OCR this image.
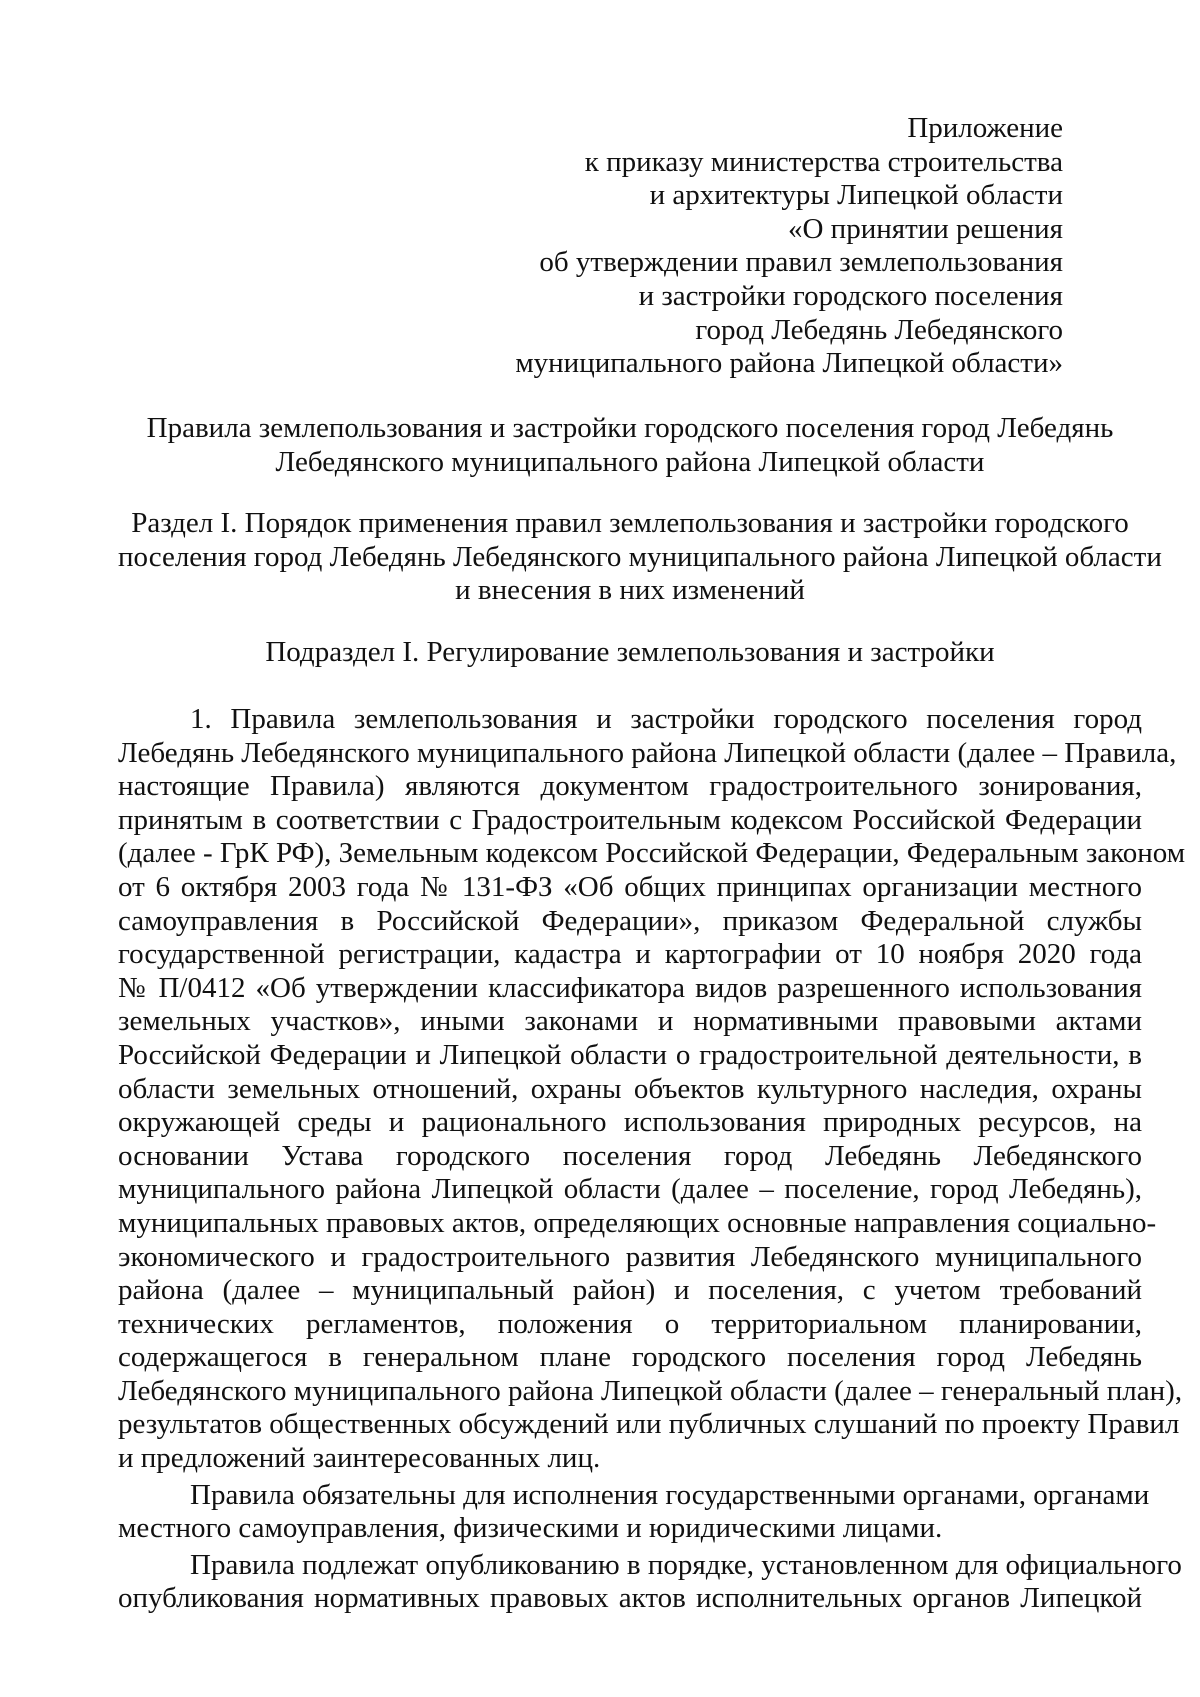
Приложение
к приказу министерства строительства
и архитектуры Липецкой области
«О принятии решения
об утверждении правил землепользования
и застройки городского поселения
город Лебедянь Лебедянского
муниципального района Липецкой области»
Правила землепользования и застройки городского поселения город Лебедянь
Лебедянского муниципального района Липецкой области
Раздел I. Порядок применения правил землепользования и застройки городского
поселения город Лебедянь Лебедянского муниципального района Липецкой области
и внесения в них изменений
Подраздел I. Регулирование землепользования и застройки
1. Правила землепользования и застройки городского поселения город
Лебедянь Лебедянского муниципального района Липецкой области (далее – Правила,
настоящие Правила) являются документом градостроительного зонирования,
принятым в соответствии с Градостроительным кодексом Российской Федерации
(далее - ГрК РФ), Земельным кодексом Российской Федерации, Федеральным законом
от 6 октября 2003 года № 131-ФЗ «Об общих принципах организации местного
самоуправления в Российской Федерации», приказом Федеральной службы
государственной регистрации, кадастра и картографии от 10 ноября 2020 года
№ П/0412 «Об утверждении классификатора видов разрешенного использования
земельных участков», иными законами и нормативными правовыми актами
Российской Федерации и Липецкой области о градостроительной деятельности, в
области земельных отношений, охраны объектов культурного наследия, охраны
окружающей среды и рационального использования природных ресурсов, на
основании Устава городского поселения город Лебедянь Лебедянского
муниципального района Липецкой области (далее – поселение, город Лебедянь),
муниципальных правовых актов, определяющих основные направления социально-
экономического и градостроительного развития Лебедянского муниципального
района (далее – муниципальный район) и поселения, с учетом требований
технических регламентов, положения о территориальном планировании,
содержащегося в генеральном плане городского поселения город Лебедянь
Лебедянского муниципального района Липецкой области (далее – генеральный план),
результатов общественных обсуждений или публичных слушаний по проекту Правил
и предложений заинтересованных лиц.
Правила обязательны для исполнения государственными органами, органами
местного самоуправления, физическими и юридическими лицами.
Правила подлежат опубликованию в порядке, установленном для официального
опубликования нормативных правовых актов исполнительных органов Липецкой
